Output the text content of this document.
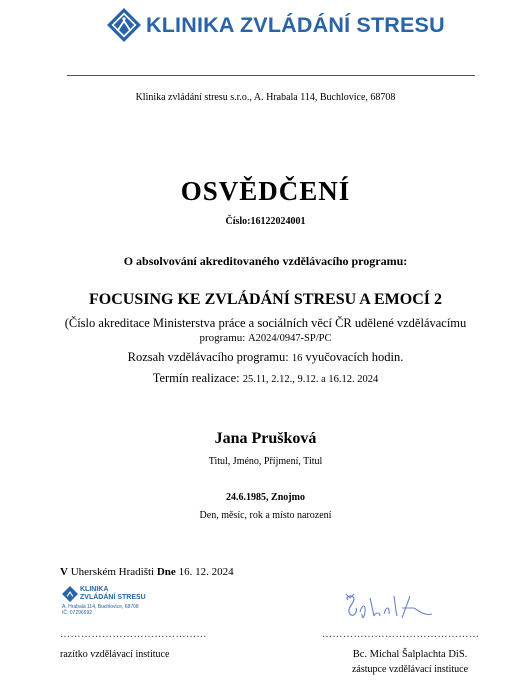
KLINIKA ZVLÁDÁNÍ STRESU
Klinika zvládání stresu s.r.o., A. Hrabala 114, Buchlovice, 68708
OSVĚDČENÍ
Číslo:16122024001
O absolvování akreditovaného vzdělávacího programu:
FOCUSING KE ZVLÁDÁNÍ STRESU A EMOCÍ 2
(Číslo akreditace Ministerstva práce a sociálních věcí ČR udělené vzdělávacímu
programu: A2024/0947-SP/PC
Rozsah vzdělávacího programu: 16 vyučovacích hodin.
Termín realizace: 25.11, 2.12., 9.12. a 16.12. 2024
Jana Prušková
Titul, Jméno, Příjmení, Titul
24.6.1985, Znojmo
Den, měsíc, rok a místo narození
V Uherském Hradišti Dne 16. 12. 2024
KLINIKA
ZVLÁDÁNÍ STRESU
A. Hrabala 114, Buchlovice, 68708
IČ: 07296592
……………………………………	………………………………………
razítko vzdělávací instituce	Bc. Michal Šalplachta DiS.
zástupce vzdělávací instituce
